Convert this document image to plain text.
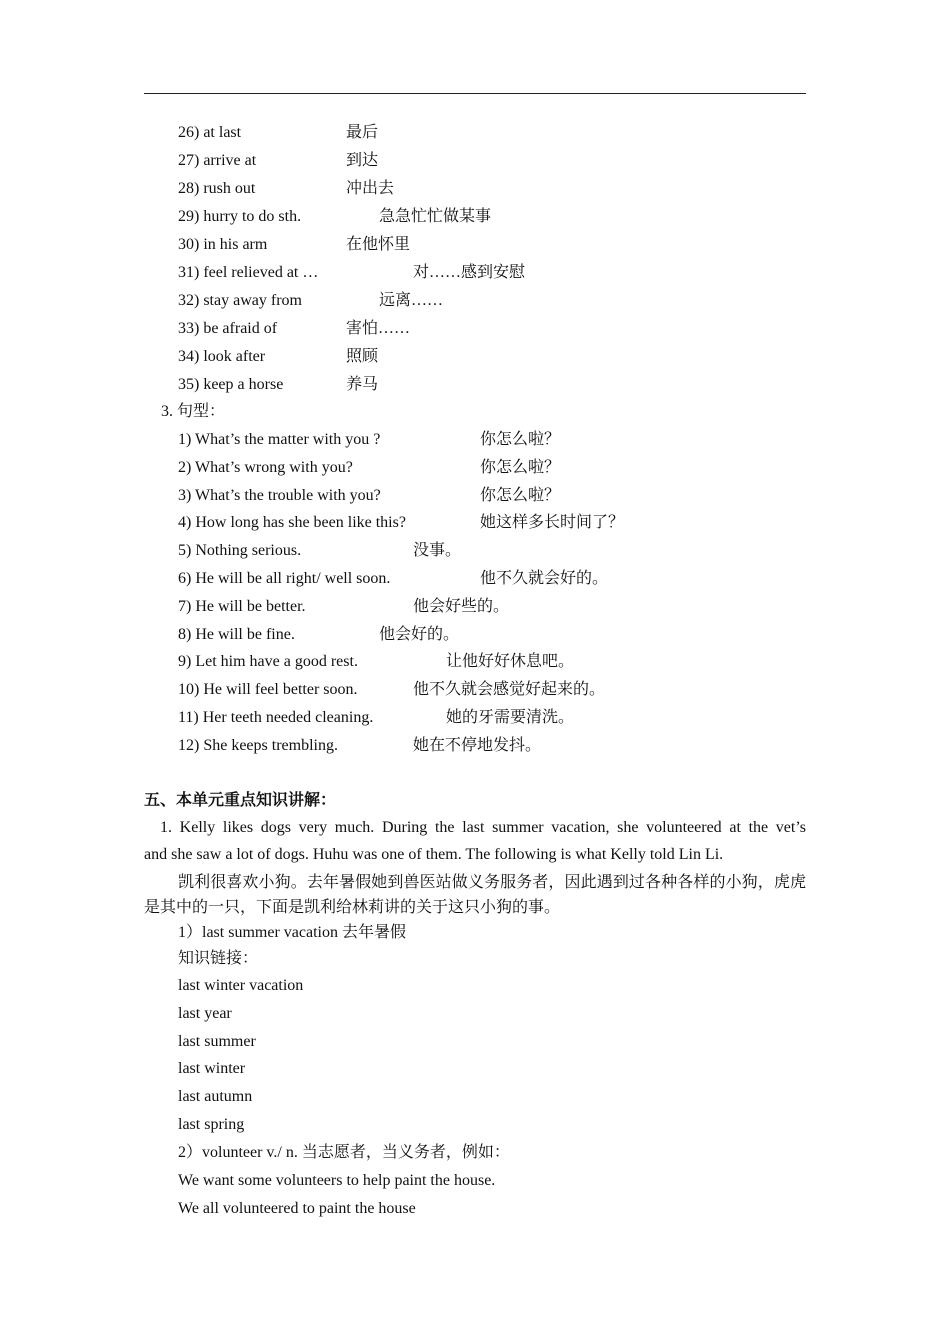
26) at last	最后
27) arrive at	到达
28) rush out	冲出去
29) hurry to do sth.	急急忙忙做某事
30) in his arm	在他怀里
31) feel relieved at …	对……感到安慰
32) stay away from	远离……
33) be afraid of	害怕……
34) look after	照顾
35) keep a horse	养马
3. 句型：
1) What’s the matter with you ?	你怎么啦？
2) What’s wrong with you?	你怎么啦？
3) What’s the trouble with you?	你怎么啦？
4) How long has she been like this?	她这样多长时间了？
5) Nothing serious.	没事。
6) He will be all right/ well soon.	他不久就会好的。
7) He will be better.	他会好些的。
8) He will be fine.	他会好的。
9) Let him have a good rest.	让他好好休息吧。
10) He will feel better soon.	他不久就会感觉好起来的。
11) Her teeth needed cleaning.	她的牙需要清洗。
12) She keeps trembling.	她在不停地发抖。
五、本单元重点知识讲解：
1. Kelly likes dogs very much. During the last summer vacation, she volunteered at the vet’s
and she saw a lot of dogs. Huhu was one of them. The following is what Kelly told Lin Li.
凯利很喜欢小狗。去年暑假她到兽医站做义务服务者，因此遇到过各种各样的小狗，虎虎是其中的一只，下面是凯利给林莉讲的关于这只小狗的事。
1）last summer vacation 去年暑假
知识链接：
last winter vacation
last year
last summer
last winter
last autumn
last spring
2）volunteer v./ n. 当志愿者，当义务者，例如：
We want some volunteers to help paint the house.
We all volunteered to paint the house
